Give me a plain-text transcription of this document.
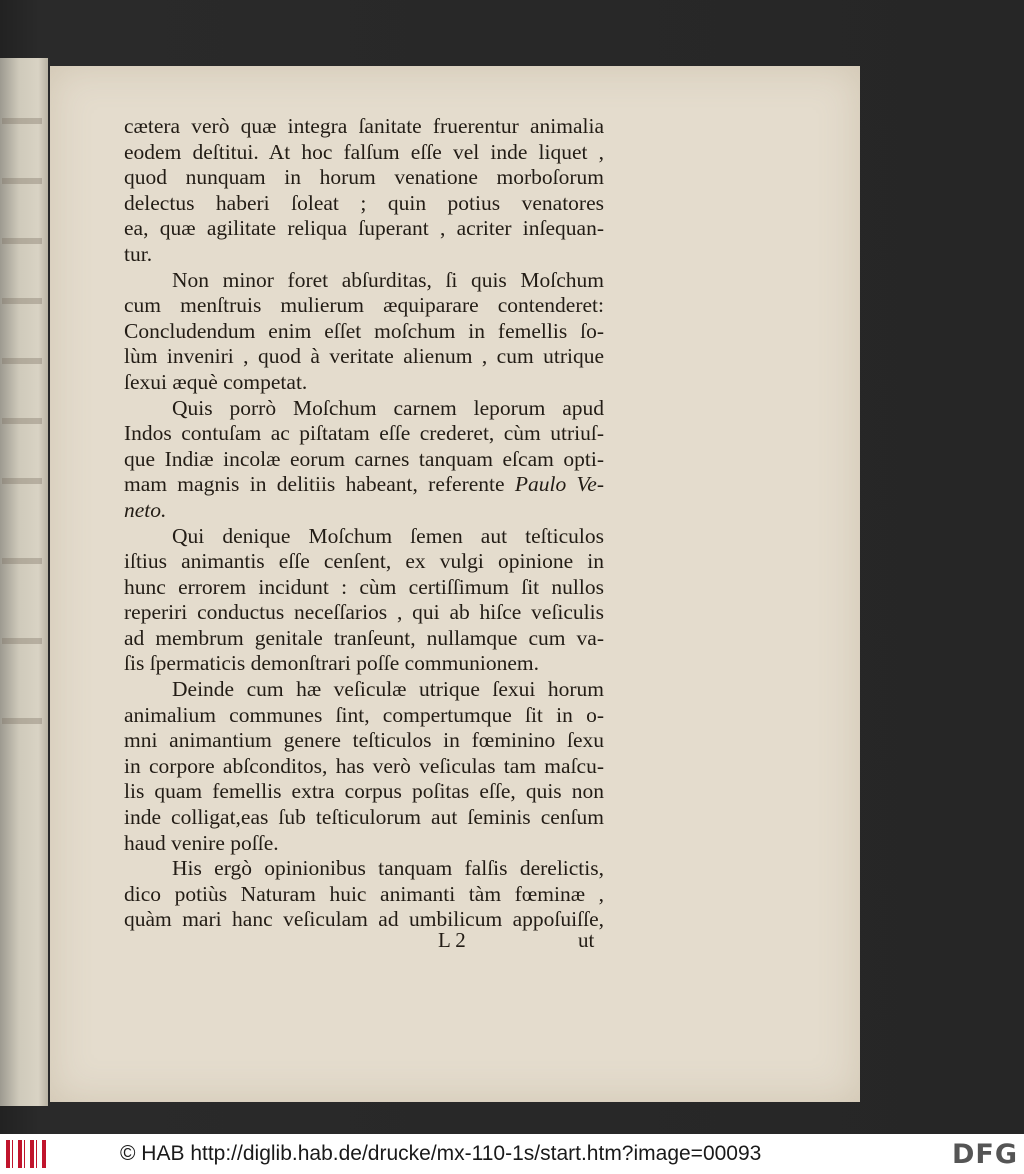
cætera verò quæ integra ſanitate fruerentur animalia
eodem deſtitui. At hoc falſum eſſe vel inde liquet ,
quod nunquam in horum venatione morboſorum
delectus haberi ſoleat ; quin potius venatores
ea, quæ agilitate reliqua ſuperant , acriter inſequan-
tur.
Non minor foret abſurditas, ſi quis Moſchum
cum menſtruis mulierum æquiparare contenderet:
Concludendum enim eſſet moſchum in femellis ſo-
lùm inveniri , quod à veritate alienum , cum utrique
ſexui æquè competat.
Quis porrò Moſchum carnem leporum apud
Indos contuſam ac piſtatam eſſe crederet, cùm utriuſ-
que Indiæ incolæ eorum carnes tanquam eſcam opti-
mam magnis in delitiis habeant, referente Paulo Ve-
neto.
Qui denique Moſchum ſemen aut teſticulos
iſtius animantis eſſe cenſent, ex vulgi opinione in
hunc errorem incidunt : cùm certiſſimum ſit nullos
reperiri conductus neceſſarios , qui ab hiſce veſiculis
ad membrum genitale tranſeunt, nullamque cum va-
ſis ſpermaticis demonſtrari poſſe communionem.
Deinde cum hæ veſiculæ utrique ſexui horum
animalium communes ſint, compertumque ſit in o-
mni animantium genere teſticulos in fœminino ſexu
in corpore abſconditos, has verò veſiculas tam maſcu-
lis quam femellis extra corpus poſitas eſſe, quis non
inde colligat,eas ſub teſticulorum aut ſeminis cenſum
haud venire poſſe.
His ergò opinionibus tanquam falſis derelictis,
dico potiùs Naturam huic animanti tàm fœminæ ,
quàm mari hanc veſiculam ad umbilicum appoſuiſſe,
L 2	ut
© HAB http://diglib.hab.de/drucke/mx-110-1s/start.htm?image=00093	DFG
